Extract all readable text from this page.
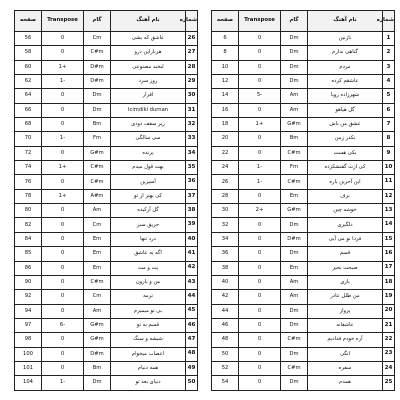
شماره	نام آهنگ	گام	Transpose	صفحه
1	نازنین	Dm	0	6
2	گناهی ندارم	Dm	0	8
3	مردم	Dm	0	10
4	عاشقم کرده	Dm	0	12
5	شهرزاده رویا	Am	-5	14
6	گل هیاهو	Am	0	16
7	عشق من باش	G#m	+1	18
8	بکذر زمن	Bm	0	20
9	یکی هست	C#m	0	22
10	کی ازت گفتشکرده	Fm	-1	24
11	این آخرین باره	C#m	-1	26
12	برف	Em	0	28
13	خوشه چین	G#m	+2	30
14	دلگیری	Dm	0	32
15	فردا تو می آیی	D#m	0	34
16	قسم	Dm	0	36
17	صبحت بخیر	Em	0	38
18	بازی	Am	0	40
19	من طلل عادر	Am	0	42
20	پرواز	Dm	0	44
21	عاشقانه	Dm	0	46
22	آره خودم فدادیم	C#m	0	48
23	انگی	Dm	0	50
24	سفره	C#m	0	52
25	همدم	Dm	0	54
شماره	نام آهنگ	گام	Transpose	صفحه
26	عاشق که بشی	Cm	0	56
27	هرباراین درو	C#m	0	58
28	لبخند مصنوعی	D#m	+1	60
29	روز سرد	D#m	-1	62
30	اقرار	Dm	0	64
31	Icimdiki durnan	Dm	0	66
32	زیر سقف دودی	Bm	0	68
33	سی سالگی	Fm	-1	70
34	پرنده	G#m	0	72
35	بهت قول میدم	C#m	+1	74
36	آسپرین	C#m	0	76
37	کی بهتر از تو	A#m	+1	78
38	گل آرکیده	Am	0	80
39	حریق سبز	Cm	0	82
40	درد تنها	Em	0	84
41	اگه یه عاشق	Em	0	85
42	پت و مت	Em	0	86
43	من و بارون	C#m	0	90
44	ترمه	Cm	0	92
45	بی تو میمیرم	Am	0	94
46	قسم به تو	G#m	-6	97
47	شیشه و سنگ	G#m	0	98
48	اعصاب میخوام	D#m	0	100
49	همه دنیام	Bm	0	101
50	دنیای بعد تو	Dm	-1	104
